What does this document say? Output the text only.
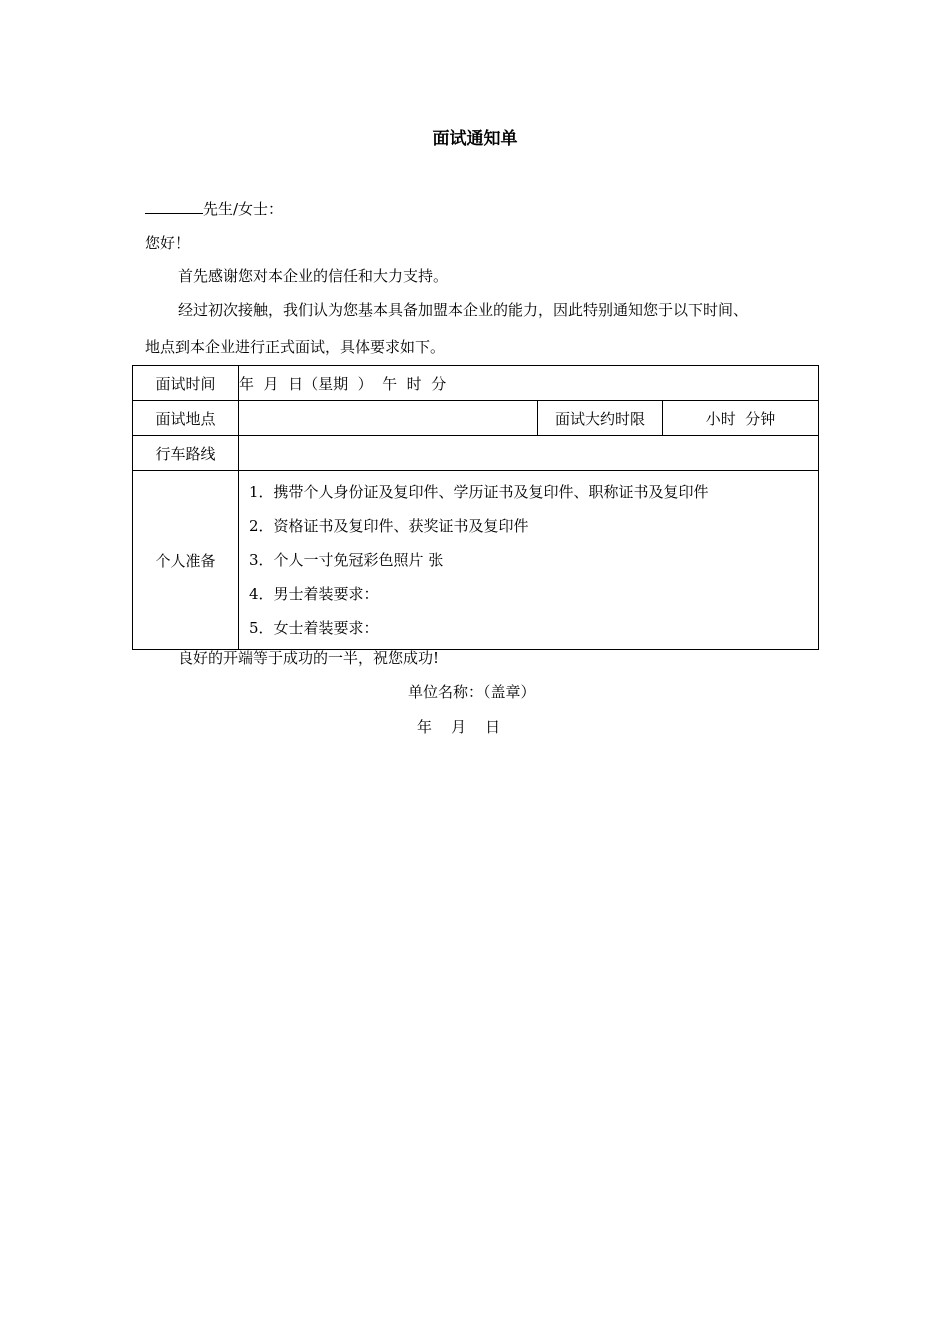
面试通知单
先生/女士：
您好！
首先感谢您对本企业的信任和大力支持。
经过初次接触，我们认为您基本具备加盟本企业的能力，因此特别通知您于以下时间、
地点到本企业进行正式面试，具体要求如下。
面试时间	年  月  日（星期  ）  午  时  分		
面试地点		面试大约时限	小时  分钟
行车路线			
个人准备	1．携带个人身份证及复印件、学历证书及复印件、职称证书及复印件
2．资格证书及复印件、获奖证书及复印件
3．个人一寸免冠彩色照片 张
4．男士着装要求：
5．女士着装要求：		
良好的开端等于成功的一半，祝您成功!
单位名称：（盖章）
年    月    日
